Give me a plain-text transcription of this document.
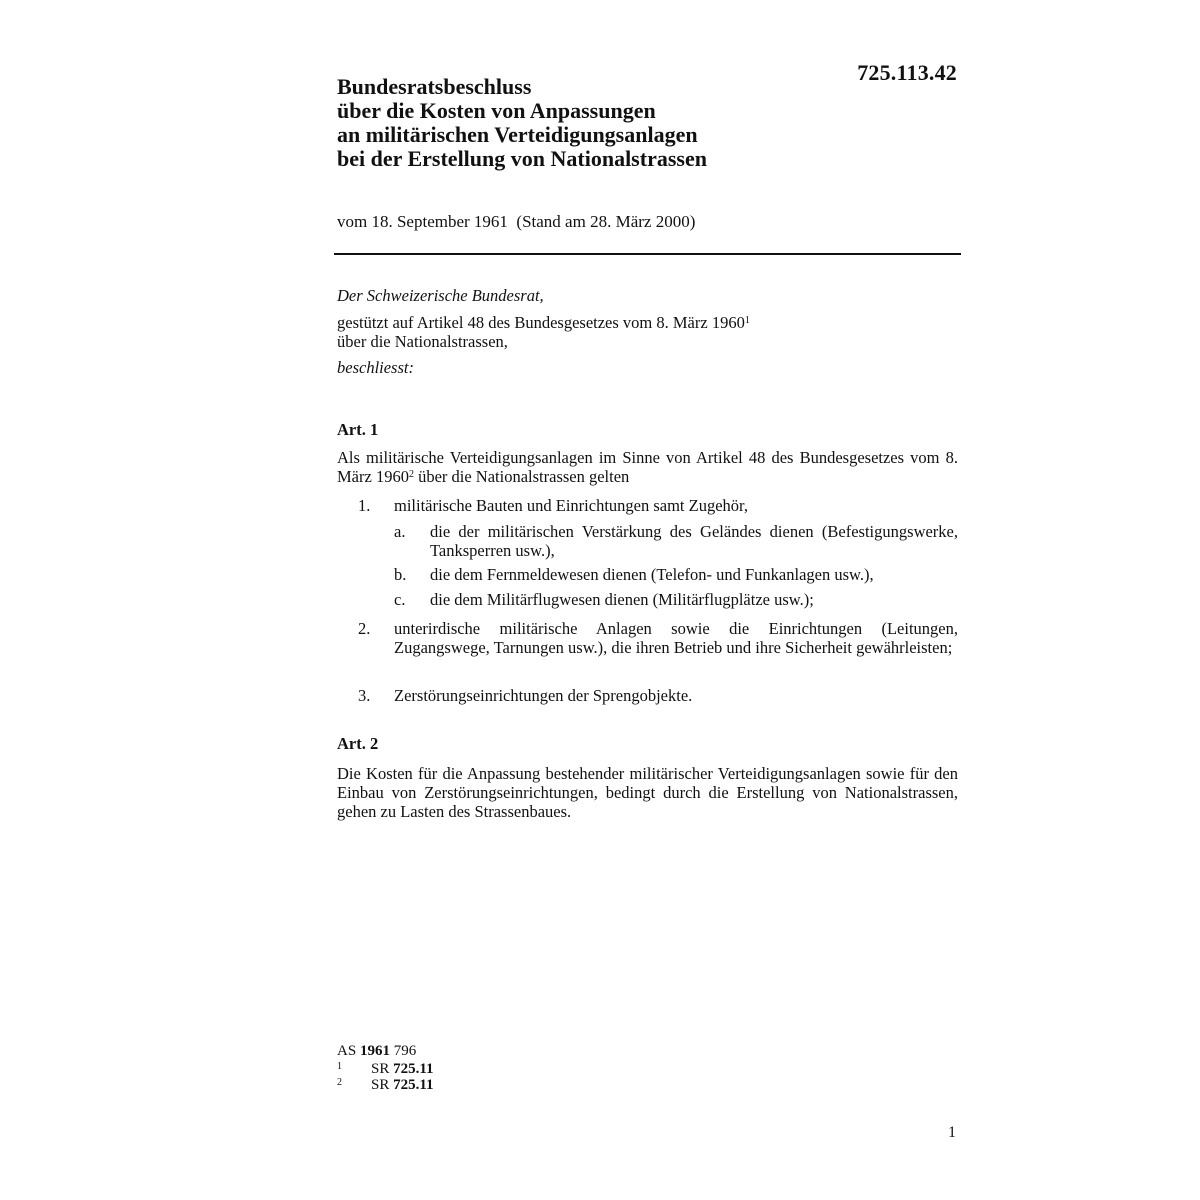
725.113.42
Bundesratsbeschluss
über die Kosten von Anpassungen
an militärischen Verteidigungsanlagen
bei der Erstellung von Nationalstrassen
vom 18. September 1961  (Stand am 28. März 2000)
Der Schweizerische Bundesrat,
gestützt auf Artikel 48 des Bundesgesetzes vom 8. März 1960$^1$
über die Nationalstrassen,
beschliesst:
Art. 1
Als militärische Verteidigungsanlagen im Sinne von Artikel 48 des Bundesgesetzes vom 8. März 1960$^2$ über die Nationalstrassen gelten
1. militärische Bauten und Einrichtungen samt Zugehör,
a. die der militärischen Verstärkung des Geländes dienen (Befestigungswerke, Tanksperren usw.),
b. die dem Fernmeldewesen dienen (Telefon- und Funkanlagen usw.),
c. die dem Militärflugwesen dienen (Militärflugplätze usw.);
2. unterirdische militärische Anlagen sowie die Einrichtungen (Leitungen, Zugangswege, Tarnungen usw.), die ihren Betrieb und ihre Sicherheit gewährleisten;
3. Zerstörungseinrichtungen der Sprengobjekte.
Art. 2
Die Kosten für die Anpassung bestehender militärischer Verteidigungsanlagen sowie für den Einbau von Zerstörungseinrichtungen, bedingt durch die Erstellung von Nationalstrassen, gehen zu Lasten des Strassenbaues.
AS 1961 796
1 SR 725.11
2 SR 725.11
1
